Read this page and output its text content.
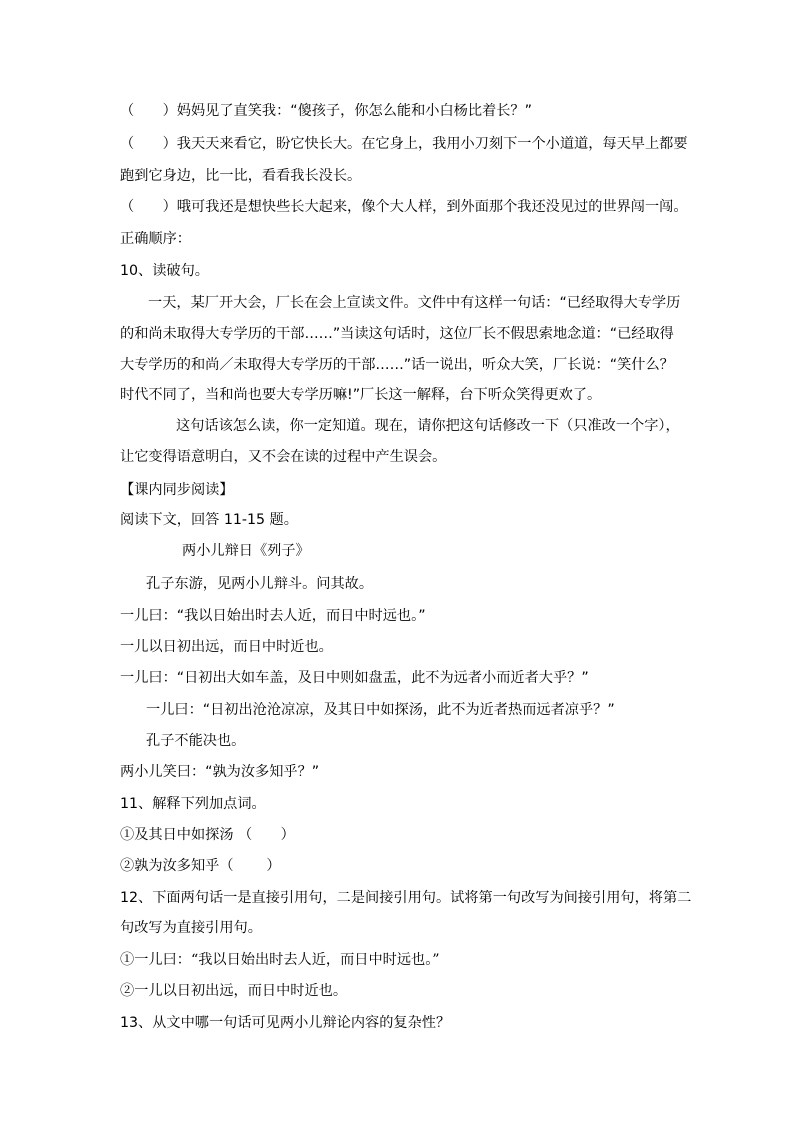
（　　）妈妈见了直笑我：“傻孩子，你怎么能和小白杨比着长？”
（　　）我天天来看它，盼它快长大。在它身上，我用小刀刻下一个小道道，每天早上都要
跑到它身边，比一比，看看我长没长。
（　　）哦可我还是想快些长大起来，像个大人样，到外面那个我还没见过的世界闯一闯。
正确顺序：
10、读破句。
一天，某厂开大会，厂长在会上宣读文件。文件中有这样一句话：“已经取得大专学历
的和尚未取得大专学历的干部……”当读这句话时，这位厂长不假思索地念道：“已经取得
大专学历的和尚／未取得大专学历的干部……”话一说出，听众大笑，厂长说：“笑什么？
时代不同了，当和尚也要大专学历嘛!”厂长这一解释，台下听众笑得更欢了。
这句话该怎么读，你一定知道。现在，请你把这句话修改一下（只准改一个字），
让它变得语意明白，又不会在读的过程中产生误会。
【课内同步阅读】
阅读下文，回答 11-15 题。
两小儿辩日《列子》
孔子东游，见两小儿辩斗。问其故。
一儿曰：“我以日始出时去人近，而日中时远也。”
一儿以日初出远，而日中时近也。
一儿曰：“日初出大如车盖，及日中则如盘盂，此不为远者小而近者大乎？”
一儿曰：“日初出沧沧凉凉，及其日中如探汤，此不为近者热而远者凉乎？”
孔子不能决也。
两小儿笑曰：“孰为汝多知乎？”
11、解释下列加点词。
①及其日中如探汤 （　　）
②孰为汝多知乎（　　 ）
12、下面两句话一是直接引用句，二是间接引用句。试将第一句改写为间接引用句，将第二
句改写为直接引用句。
①一儿曰：“我以日始出时去人近，而日中时远也。”
②一儿以日初出远，而日中时近也。
13、从文中哪一句话可见两小儿辩论内容的复杂性？
